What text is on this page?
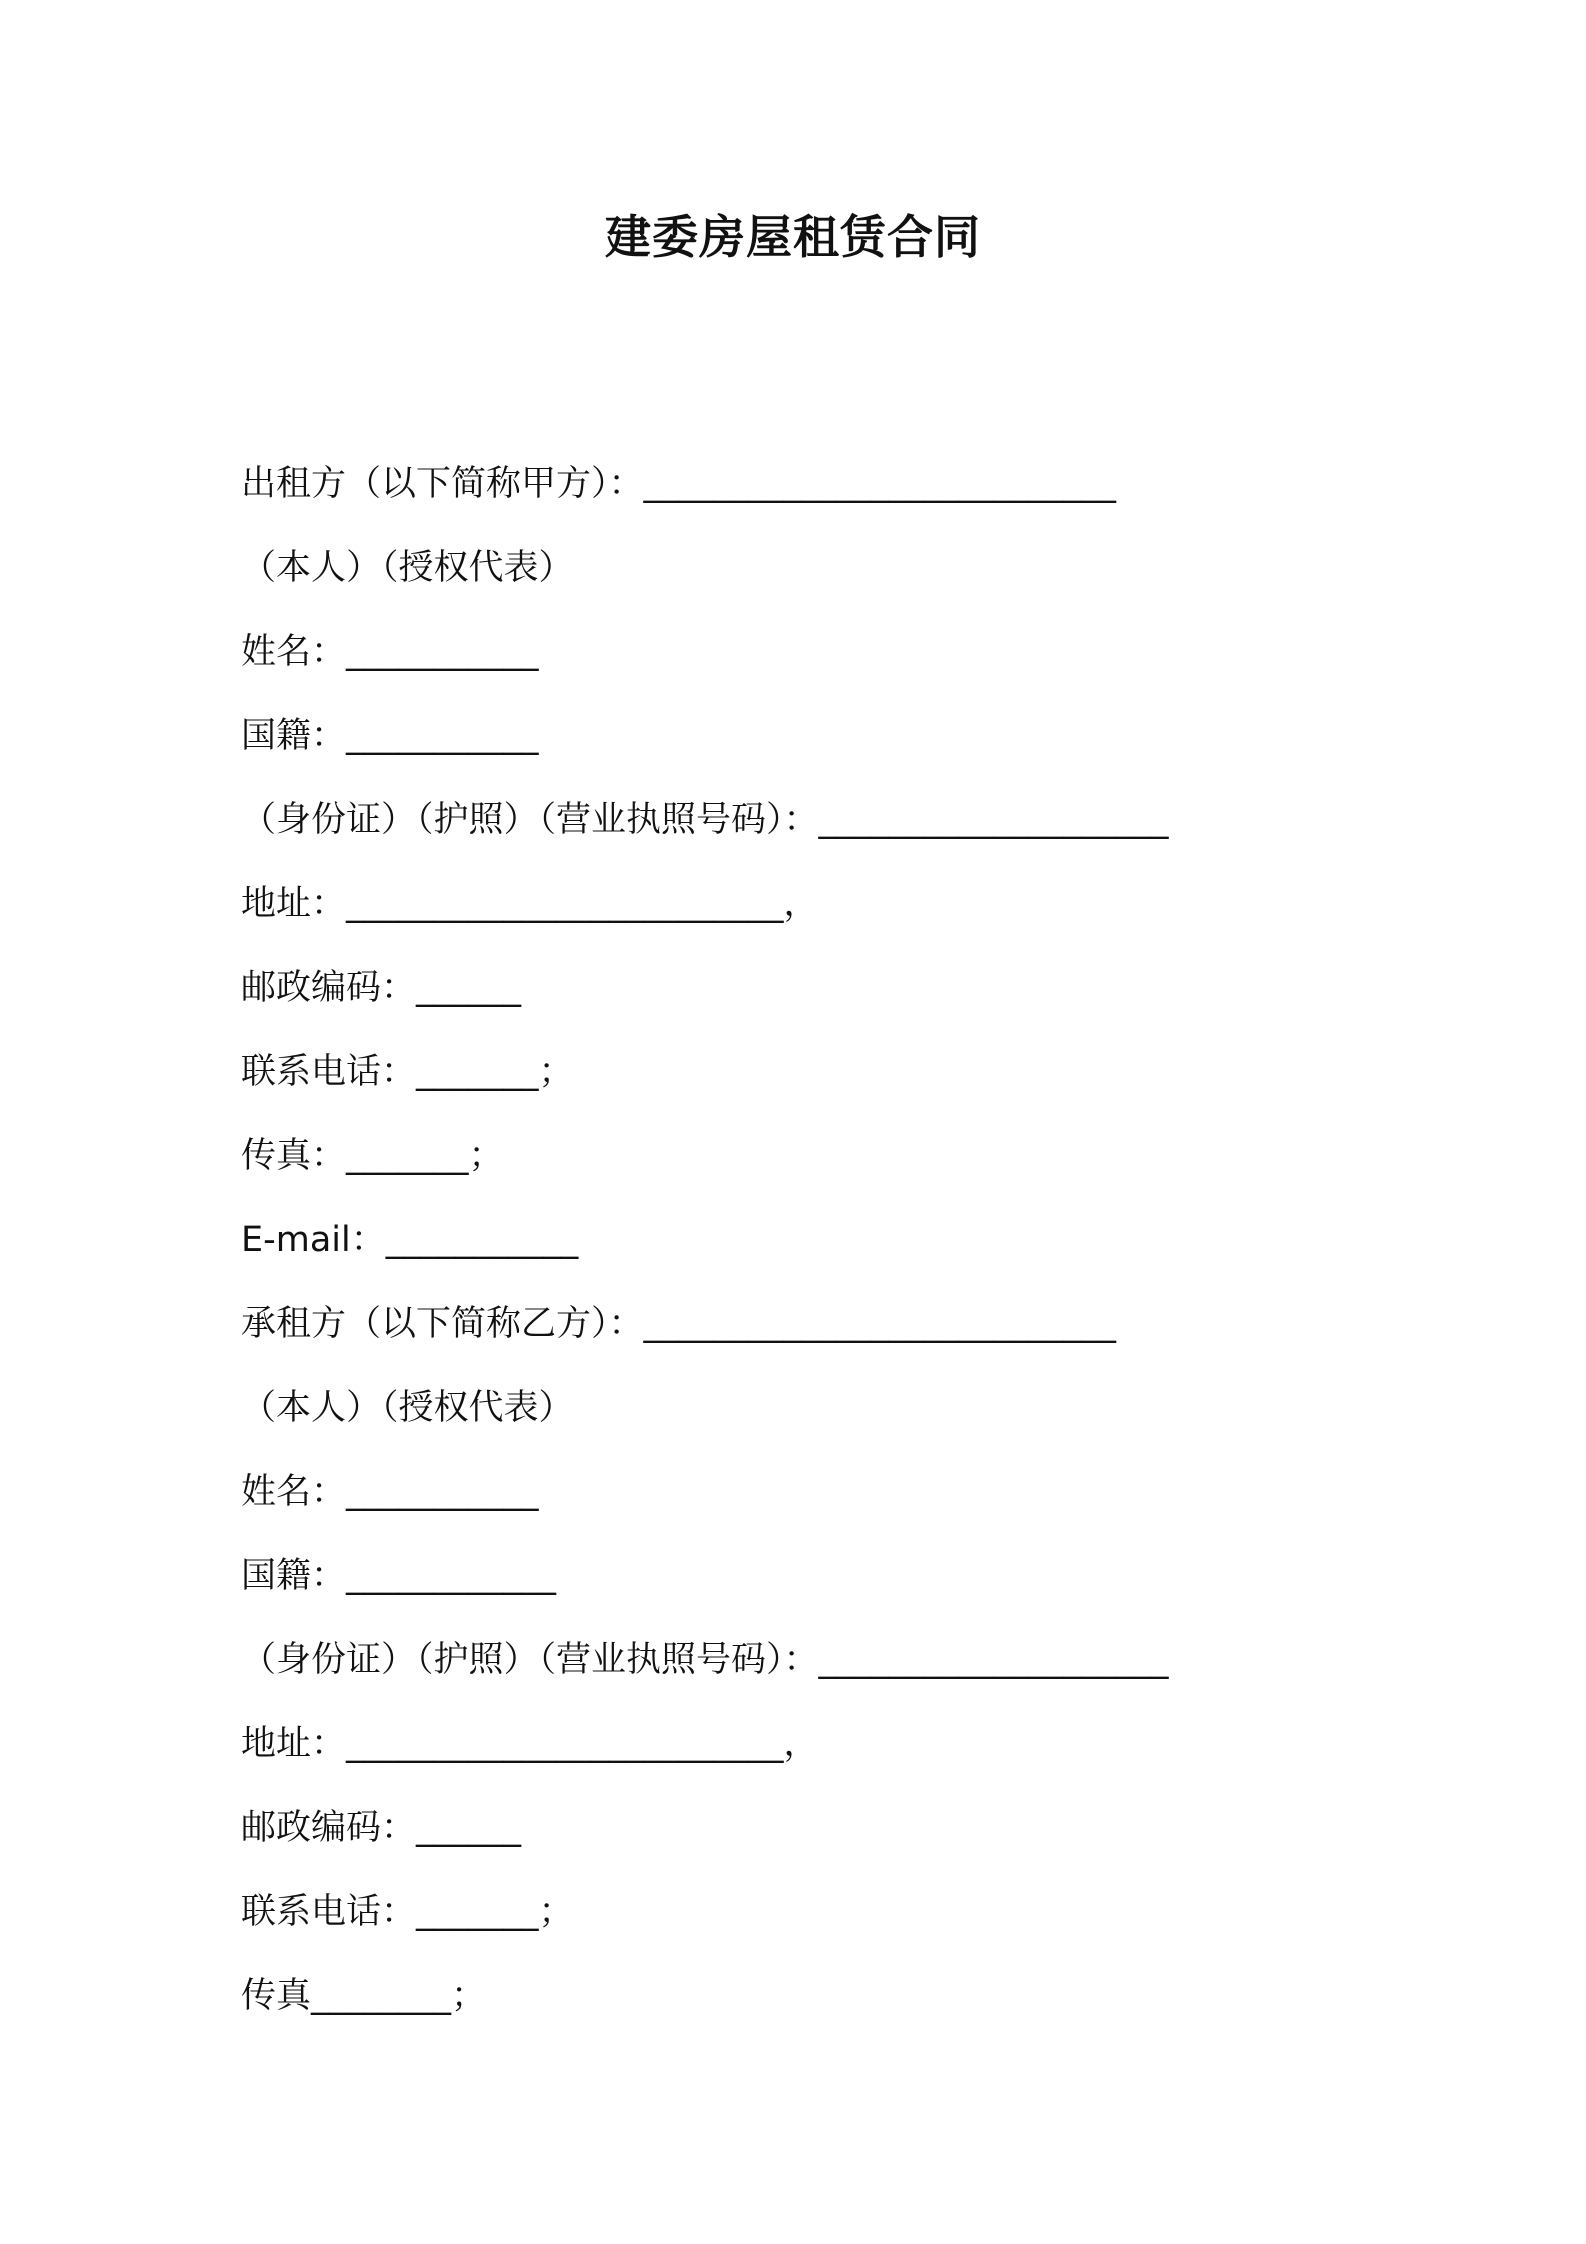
建委房屋租赁合同
出租方（以下简称甲方）：___________________________
（本人）（授权代表）
姓名：___________
国籍：___________
（身份证）（护照）（营业执照号码）：____________________
地址：_________________________，
邮政编码：______
联系电话：_______；
传真：_______；
E-mail：___________
承租方（以下简称乙方）：___________________________
（本人）（授权代表）
姓名：___________
国籍：____________
（身份证）（护照）（营业执照号码）：____________________
地址：_________________________，
邮政编码：______
联系电话：_______；
传真________；
